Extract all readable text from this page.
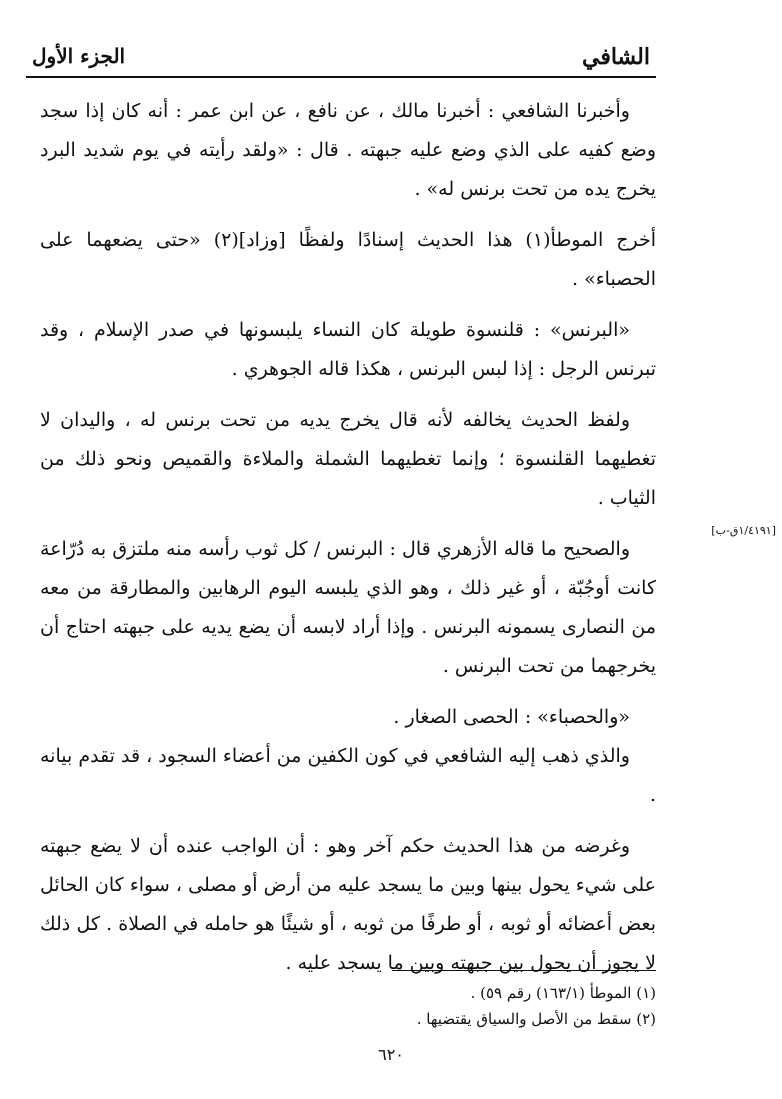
الشافي
الجزء الأول
[١/٤١٩١ق-ب]

وأخبرنا الشافعي : أخبرنا مالك ، عن نافع ، عن ابن عمر : أنه كان إذا سجد وضع كفيه على الذي وضع عليه جبهته . قال : «ولقد رأيته في يوم شديد البرد يخرج يده من تحت برنس له» .

أخرج الموطأ(١) هذا الحديث إسنادًا ولفظًا [وزاد](٢) «حتى يضعهما على الحصباء» .

«البرنس» : قلنسوة طويلة كان النساء يلبسونها في صدر الإسلام ، وقد تبرنس الرجل : إذا لبس البرنس ، هكذا قاله الجوهري .

ولفظ الحديث يخالفه لأنه قال يخرج يديه من تحت برنس له ، واليدان لا تغطيهما القلنسوة ؛ وإنما تغطيهما الشملة والملاءة والقميص ونحو ذلك من الثياب .

والصحيح ما قاله الأزهري قال : البرنس / كل ثوب رأسه منه ملتزق به دُرّاعة كانت أوجُبّة ، أو غير ذلك ، وهو الذي يلبسه اليوم الرهابين والمطارقة من معه من النصارى يسمونه البرنس . وإذا أراد لابسه أن يضع يديه على جبهته احتاج أن يخرجهما من تحت البرنس .

«والحصباء» : الحصى الصغار .

والذي ذهب إليه الشافعي في كون الكفين من أعضاء السجود ، قد تقدم بيانه .

وغرضه من هذا الحديث حكم آخر وهو : أن الواجب عنده أن لا يضع جبهته على شيء يحول بينها وبين ما يسجد عليه من أرض أو مصلى ، سواء كان الحائل بعض أعضائه أو ثوبه ، أو طرفًا من ثوبه ، أو شيئًا هو حامله في الصلاة . كل ذلك لا يجوز أن يحول بين جبهته وبين ما يسجد عليه .

(١) الموطأ (١٦٣/١) رقم ٥٩) .

(٢) سقط من الأصل والسياق يقتضيها .

٦٢٠
